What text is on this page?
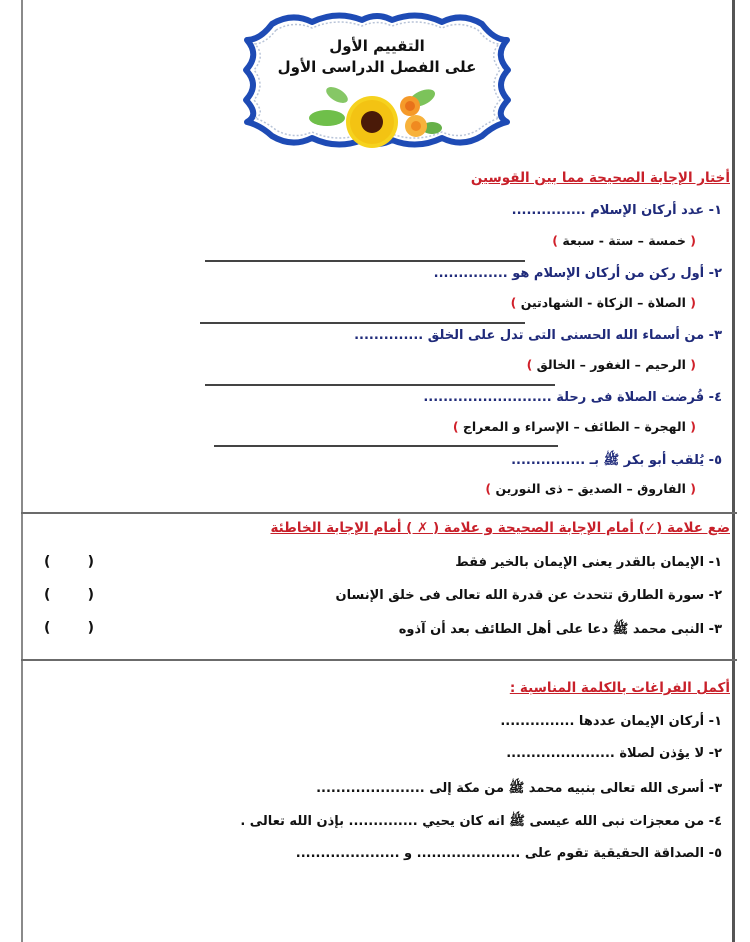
التقييم الأول
على الفصل الدراسى الأول
أختار الإجابة الصحيحة مما بين القوسين
١- عدد أركان الإسلام ...............
( خمسة – ستة - سبعة )
٢- أول ركن من أركان الإسلام هو ...............
( الصلاة – الزكاة - الشهادتين )
٣- من أسماء الله الحسنى التى تدل على الخلق ..............
( الرحيم – الغفور – الخالق )
٤- فُرضت الصلاة فى رحلة ..........................
( الهجرة – الطائف – الإسراء و المعراج )
٥- يُلقب أبو بكر ﷺ بـ ...............
( الفاروق – الصديق – ذى النورين )
ضع علامة (✓) أمام الإجابة الصحيحة و علامة ( ✗ ) أمام الإجابة الخاطئة
١- الإيمان بالقدر يعنى الإيمان بالخير فقط
(	)
٢- سورة الطارق تتحدث عن قدرة الله تعالى فى خلق الإنسان
(	)
٣- النبى محمد ﷺ دعا على أهل الطائف بعد أن آذوه
(	)
أكمل الفراغات بالكلمة المناسبة :
١- أركان الإيمان عددها ...............
٢- لا يؤذن لصلاة ......................
٣- أسرى الله تعالى بنبيه محمد ﷺ من مكة إلى ......................
٤- من معجزات نبى الله عيسى ﷺ انه كان يحيي .............. بإذن الله تعالى .
٥- الصداقة الحقيقية تقوم على ..................... و .....................
